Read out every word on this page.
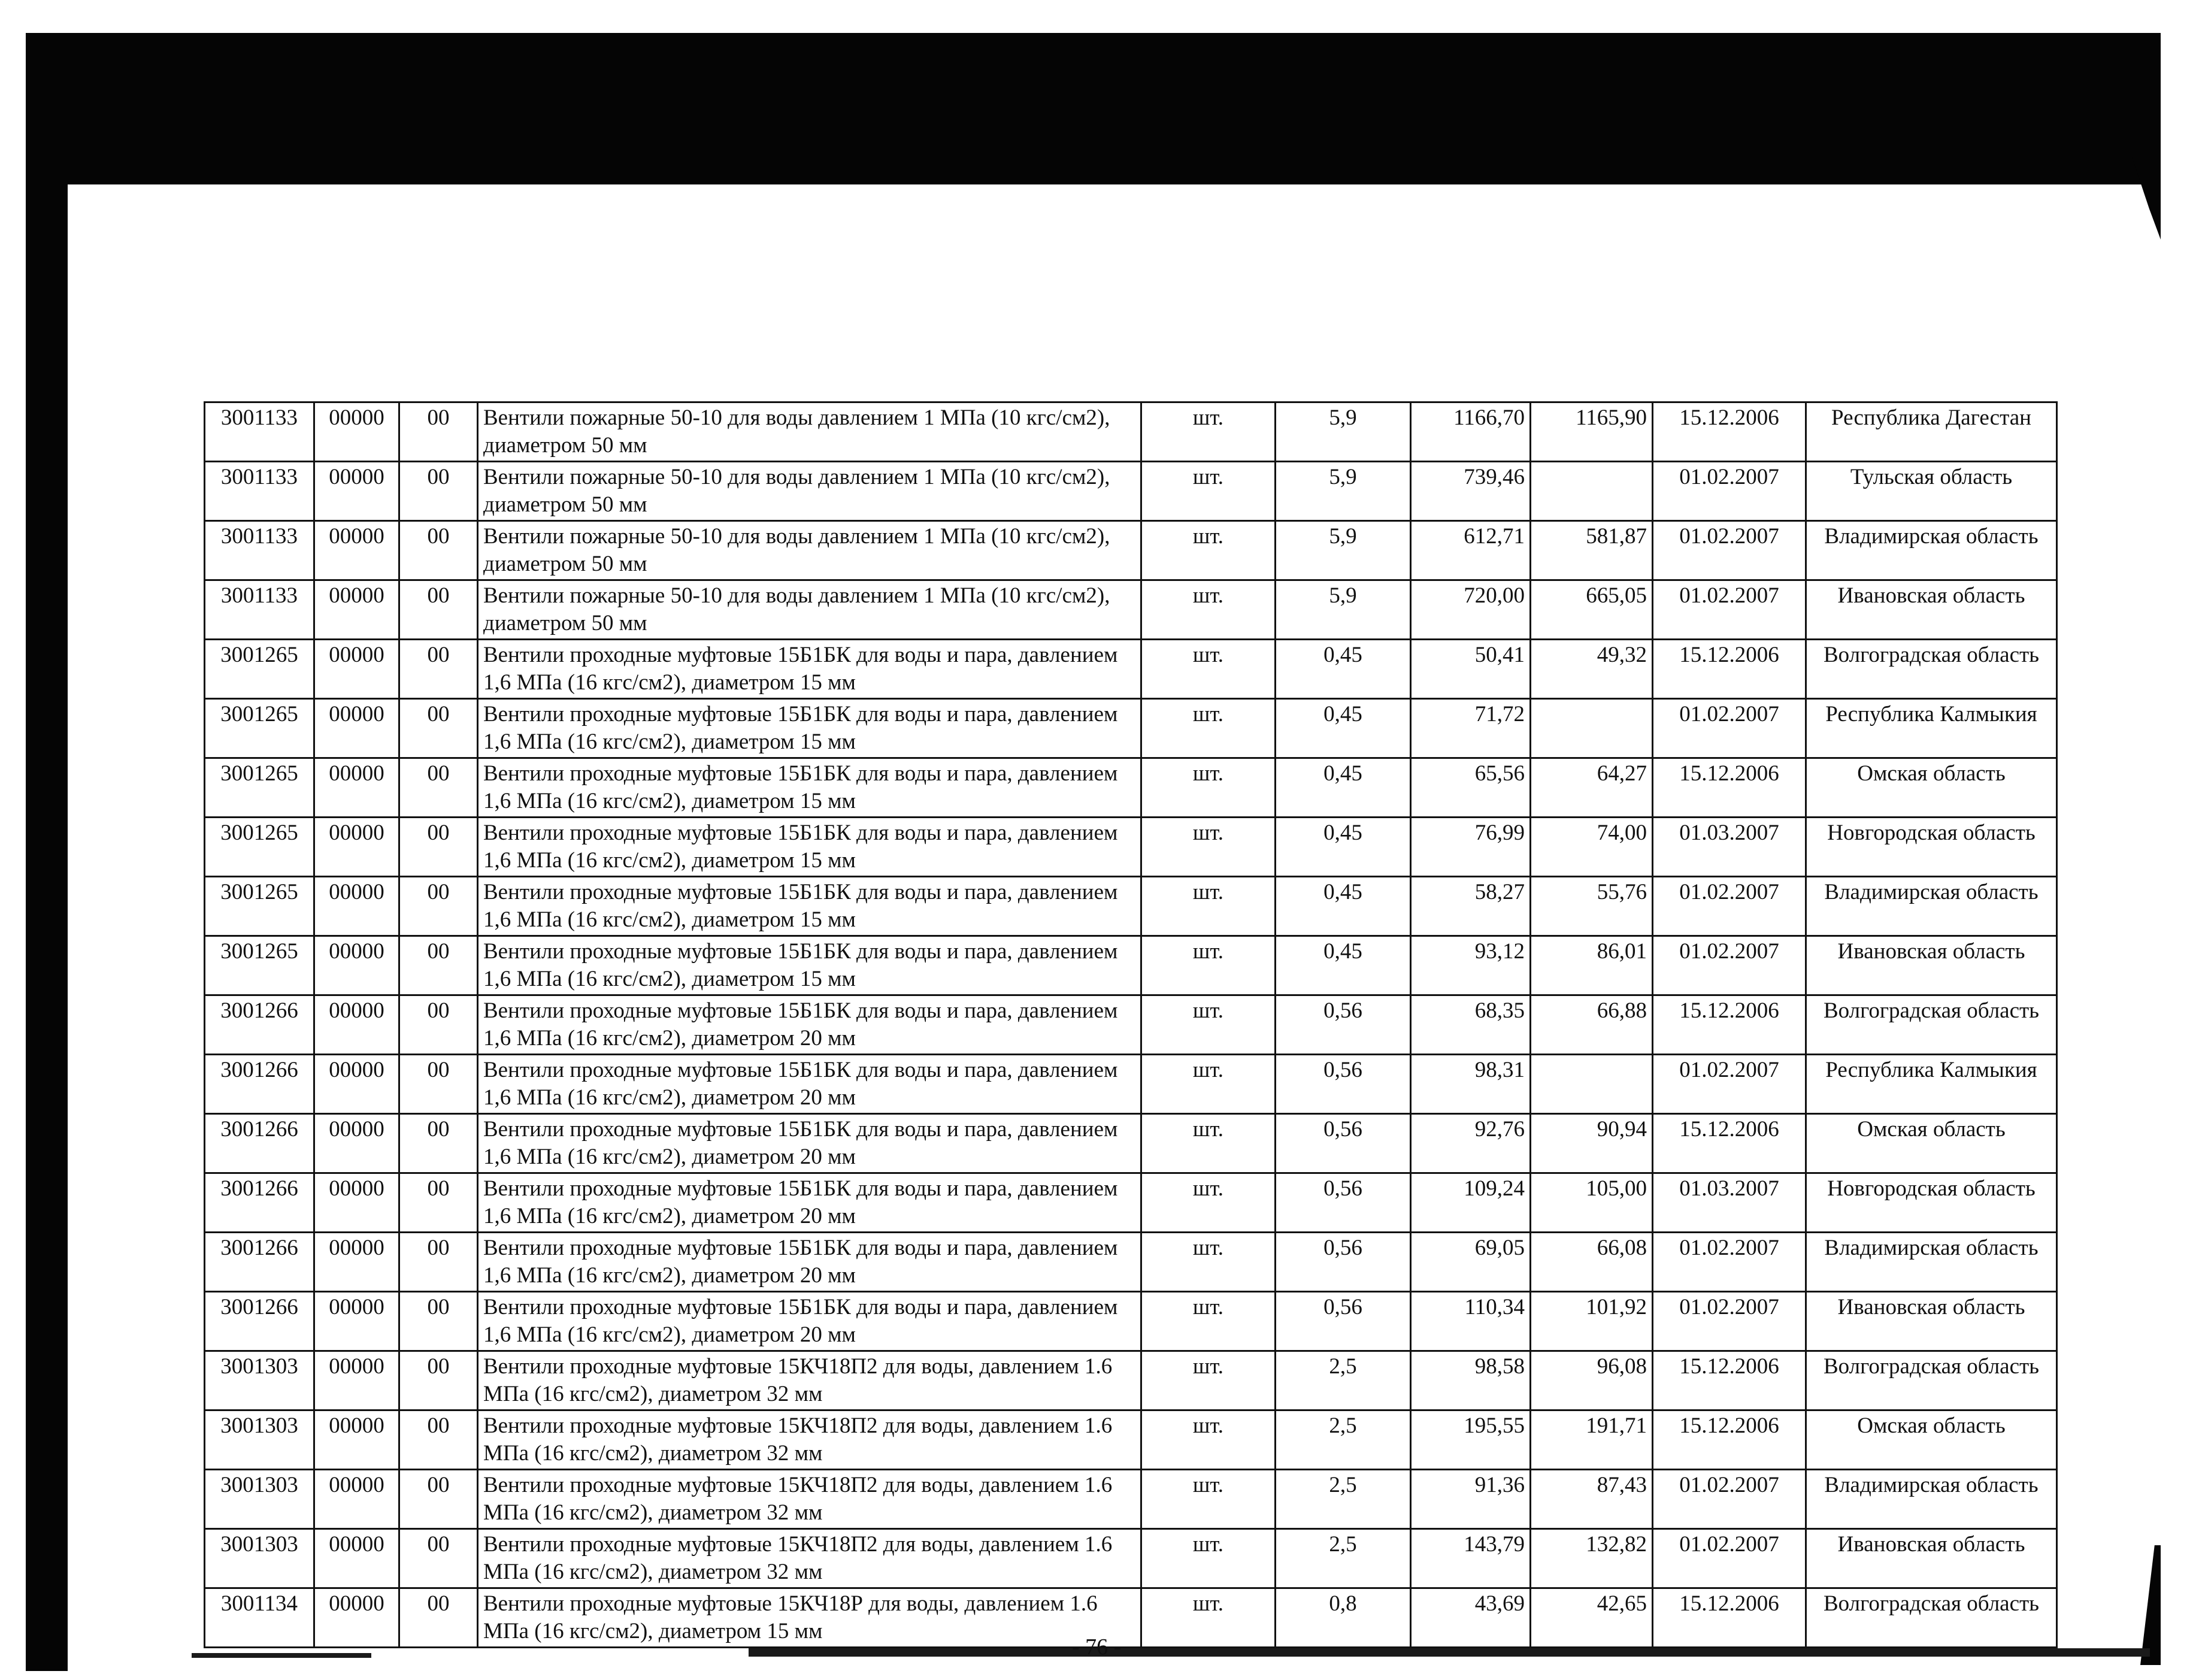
3001133	00000	00	Вентили пожарные 50-10 для воды давлением 1 МПа (10 кгс/см2), диаметром 50 мм	шт.	5,9	1166,70	1165,90	15.12.2006	Республика Дагестан
3001133	00000	00	Вентили пожарные 50-10 для воды давлением 1 МПа (10 кгс/см2), диаметром 50 мм	шт.	5,9	739,46		01.02.2007	Тульская область
3001133	00000	00	Вентили пожарные 50-10 для воды давлением 1 МПа (10 кгс/см2), диаметром 50 мм	шт.	5,9	612,71	581,87	01.02.2007	Владимирская область
3001133	00000	00	Вентили пожарные 50-10 для воды давлением 1 МПа (10 кгс/см2), диаметром 50 мм	шт.	5,9	720,00	665,05	01.02.2007	Ивановская область
3001265	00000	00	Вентили проходные муфтовые 15Б1БК для воды и пара, давлением 1,6 МПа (16 кгс/см2), диаметром 15 мм	шт.	0,45	50,41	49,32	15.12.2006	Волгоградская область
3001265	00000	00	Вентили проходные муфтовые 15Б1БК для воды и пара, давлением 1,6 МПа (16 кгс/см2), диаметром 15 мм	шт.	0,45	71,72		01.02.2007	Республика Калмыкия
3001265	00000	00	Вентили проходные муфтовые 15Б1БК для воды и пара, давлением 1,6 МПа (16 кгс/см2), диаметром 15 мм	шт.	0,45	65,56	64,27	15.12.2006	Омская область
3001265	00000	00	Вентили проходные муфтовые 15Б1БК для воды и пара, давлением 1,6 МПа (16 кгс/см2), диаметром 15 мм	шт.	0,45	76,99	74,00	01.03.2007	Новгородская область
3001265	00000	00	Вентили проходные муфтовые 15Б1БК для воды и пара, давлением 1,6 МПа (16 кгс/см2), диаметром 15 мм	шт.	0,45	58,27	55,76	01.02.2007	Владимирская область
3001265	00000	00	Вентили проходные муфтовые 15Б1БК для воды и пара, давлением 1,6 МПа (16 кгс/см2), диаметром 15 мм	шт.	0,45	93,12	86,01	01.02.2007	Ивановская область
3001266	00000	00	Вентили проходные муфтовые 15Б1БК для воды и пара, давлением 1,6 МПа (16 кгс/см2), диаметром 20 мм	шт.	0,56	68,35	66,88	15.12.2006	Волгоградская область
3001266	00000	00	Вентили проходные муфтовые 15Б1БК для воды и пара, давлением 1,6 МПа (16 кгс/см2), диаметром 20 мм	шт.	0,56	98,31		01.02.2007	Республика Калмыкия
3001266	00000	00	Вентили проходные муфтовые 15Б1БК для воды и пара, давлением 1,6 МПа (16 кгс/см2), диаметром 20 мм	шт.	0,56	92,76	90,94	15.12.2006	Омская область
3001266	00000	00	Вентили проходные муфтовые 15Б1БК для воды и пара, давлением 1,6 МПа (16 кгс/см2), диаметром 20 мм	шт.	0,56	109,24	105,00	01.03.2007	Новгородская область
3001266	00000	00	Вентили проходные муфтовые 15Б1БК для воды и пара, давлением 1,6 МПа (16 кгс/см2), диаметром 20 мм	шт.	0,56	69,05	66,08	01.02.2007	Владимирская область
3001266	00000	00	Вентили проходные муфтовые 15Б1БК для воды и пара, давлением 1,6 МПа (16 кгс/см2), диаметром 20 мм	шт.	0,56	110,34	101,92	01.02.2007	Ивановская область
3001303	00000	00	Вентили проходные муфтовые 15КЧ18П2 для воды, давлением 1.6 МПа (16 кгс/см2), диаметром 32 мм	шт.	2,5	98,58	96,08	15.12.2006	Волгоградская область
3001303	00000	00	Вентили проходные муфтовые 15КЧ18П2 для воды, давлением 1.6 МПа (16 кгс/см2), диаметром 32 мм	шт.	2,5	195,55	191,71	15.12.2006	Омская область
3001303	00000	00	Вентили проходные муфтовые 15КЧ18П2 для воды, давлением 1.6 МПа (16 кгс/см2), диаметром 32 мм	шт.	2,5	91,36	87,43	01.02.2007	Владимирская область
3001303	00000	00	Вентили проходные муфтовые 15КЧ18П2 для воды, давлением 1.6 МПа (16 кгс/см2), диаметром 32 мм	шт.	2,5	143,79	132,82	01.02.2007	Ивановская область
3001134	00000	00	Вентили проходные муфтовые 15КЧ18Р для воды, давлением 1.6 МПа (16 кгс/см2), диаметром 15 мм	шт.	0,8	43,69	42,65	15.12.2006	Волгоградская область
- 76 -
